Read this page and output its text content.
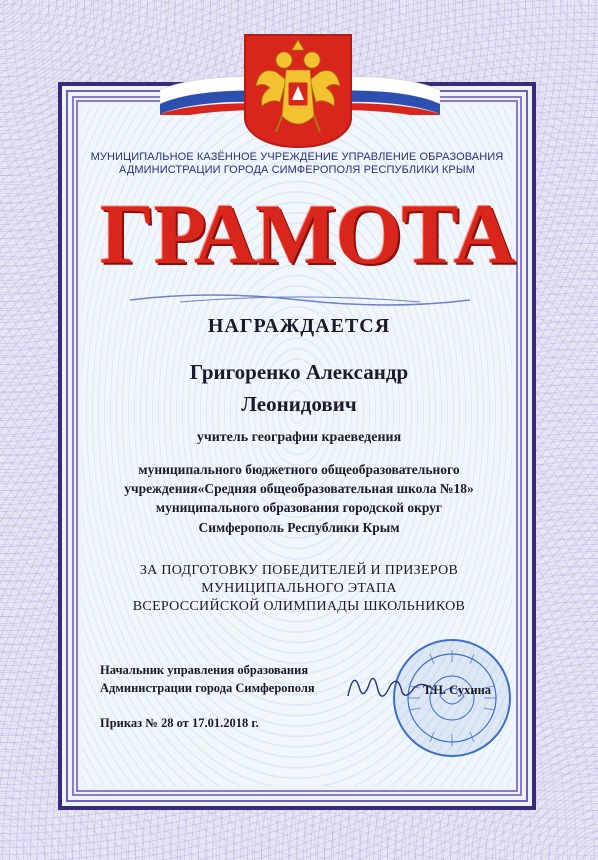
МУНИЦИПАЛЬНОЕ КАЗЁННОЕ УЧРЕЖДЕНИЕ УПРАВЛЕНИЕ ОБРАЗОВАНИЯ
АДМИНИСТРАЦИИ ГОРОДА СИМФЕРОПОЛЯ РЕСПУБЛИКИ КРЫМ
ГРАМОТА
НАГРАЖДАЕТСЯ
Григоренко Александр
Леонидович
учитель географии краеведения
муниципального бюджетного общеобразовательного
учреждения«Средняя общеобразовательная школа №18»
муниципального образования городской округ
Симферополь Республики Крым
ЗА ПОДГОТОВКУ ПОБЕДИТЕЛЕЙ И ПРИЗЕРОВ
МУНИЦИПАЛЬНОГО ЭТАПА
ВСЕРОССИЙСКОЙ ОЛИМПИАДЫ ШКОЛЬНИКОВ
Начальник управления образования
Администрации города Симферополя	Т.Н. Сухина
Приказ № 28 от 17.01.2018 г.
